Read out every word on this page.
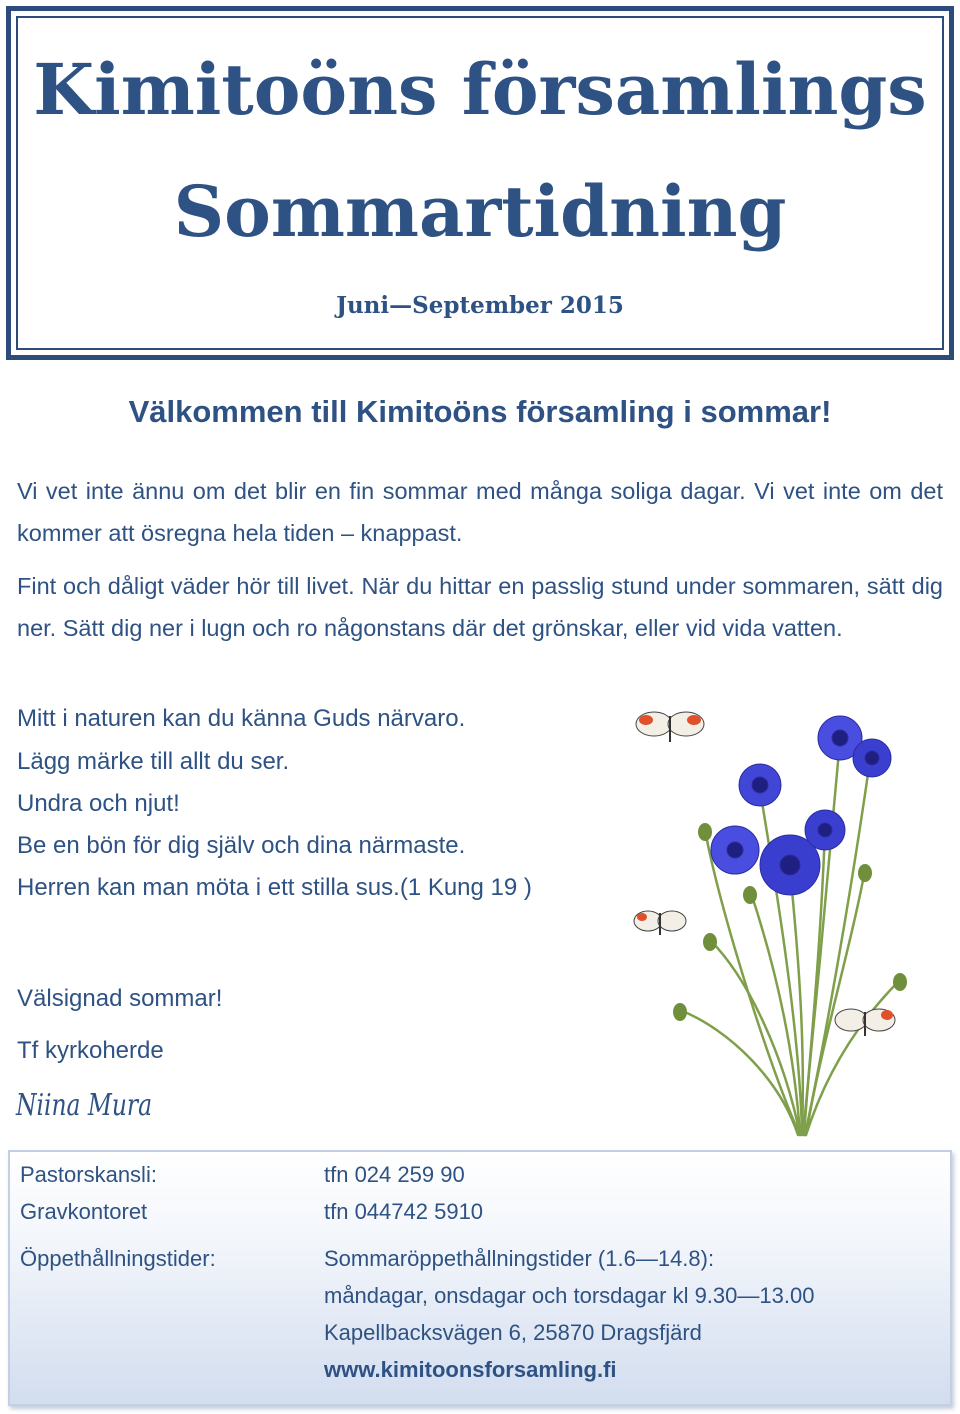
Kimitoöns församlings
Sommartidning
Juni—September 2015
Välkommen till Kimitoöns församling i sommar!
Vi vet inte ännu om det blir en fin sommar med många soliga dagar. Vi vet inte om det kommer att ösregna hela tiden – knappast.
Fint och dåligt väder hör till livet. När du hittar en passlig stund under sommaren, sätt dig ner. Sätt dig ner i lugn och ro någonstans där det grönskar, eller vid vida vatten.
Mitt i naturen kan du känna Guds närvaro.
Lägg märke till allt du ser.
Undra och njut!
Be en bön för dig själv och dina närmaste.
Herren kan man möta i ett stilla sus.(1 Kung 19 )
Välsignad sommar!
Tf kyrkoherde
Niina Mura
Pastorskansli:	tfn 024 259 90
Gravkontoret	tfn 044742 5910
Öppethållningstider:	Sommaröppethållningstider (1.6—14.8):
måndagar, onsdagar och torsdagar kl 9.30—13.00
Kapellbacksvägen 6, 25870 Dragsfjärd
www.kimitoonsforsamling.fi
